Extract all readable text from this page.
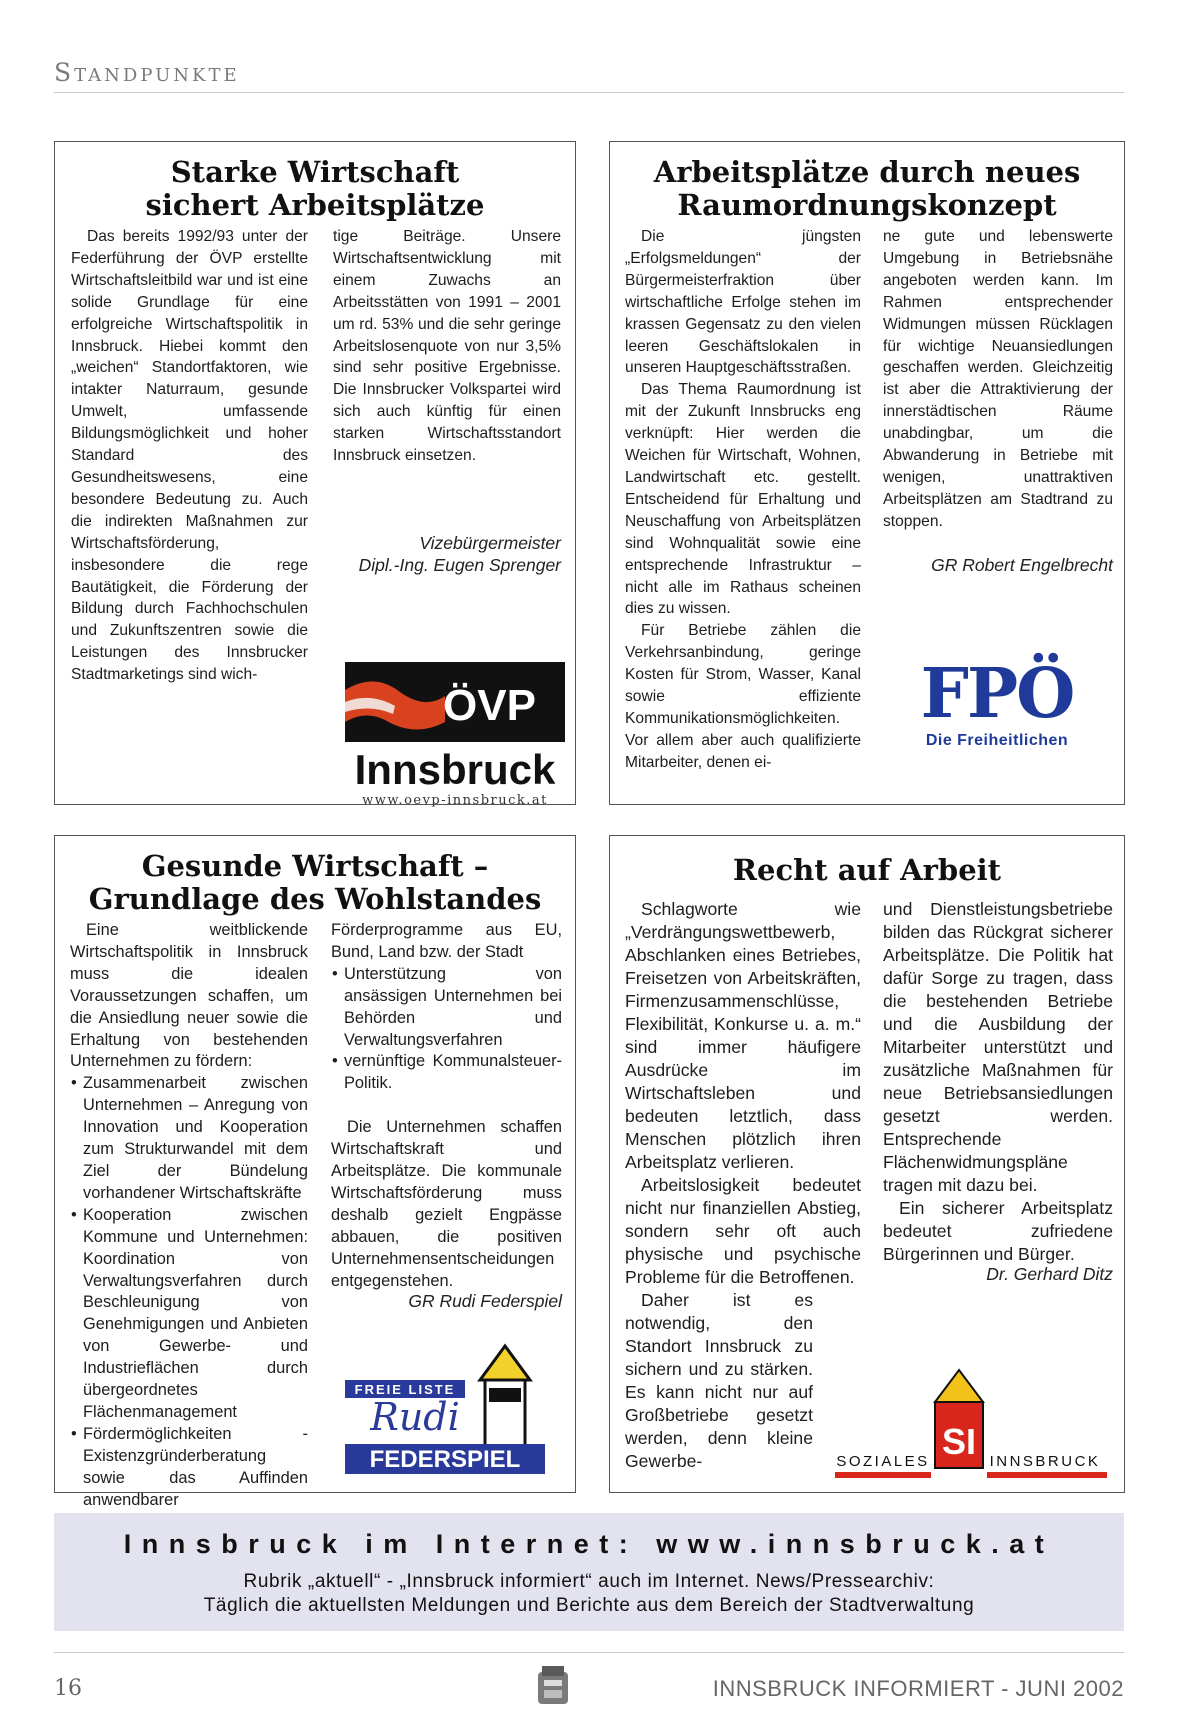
Standpunkte
Starke Wirtschaft
sichert Arbeitsplätze

Das bereits 1992/93 unter der Federführung der ÖVP erstellte Wirtschaftsleitbild war und ist eine solide Grundlage für eine erfolgreiche Wirtschaftspolitik in Innsbruck. Hiebei kommt den „weichen“ Standortfaktoren, wie intakter Naturraum, gesunde Umwelt, umfassende Bildungsmöglichkeit und hoher Standard des Gesundheitswesens, eine besondere Bedeutung zu. Auch die indirekten Maßnahmen zur Wirtschaftsförderung, insbesondere die rege Bautätigkeit, die Förderung der Bildung durch Fachhochschulen und Zukunftszentren sowie die Leistungen des Innsbrucker Stadtmarketings sind wich-

tige Beiträge. Unsere Wirtschaftsentwicklung mit einem Zuwachs an Arbeitsstätten von 1991 – 2001 um rd. 53% und die sehr geringe Arbeitslosenquote von nur 3,5% sind sehr positive Ergebnisse. Die Innsbrucker Volkspartei wird sich auch künftig für einen starken Wirtschaftsstandort Innsbruck einsetzen.

Vizebürgermeister
Dipl.-Ing. Eugen Sprenger
ÖVP
Innsbruck
www.oevp-innsbruck.at
Arbeitsplätze durch neues
Raumordnungskonzept

Die jüngsten „Erfolgsmeldungen“ der Bürgermeisterfraktion über wirtschaftliche Erfolge stehen im krassen Gegensatz zu den vielen leeren Geschäftslokalen in unseren Hauptgeschäftsstraßen.

Das Thema Raumordnung ist mit der Zukunft Innsbrucks eng verknüpft: Hier werden die Weichen für Wirtschaft, Wohnen, Landwirtschaft etc. gestellt. Entscheidend für Erhaltung und Neuschaffung von Arbeitsplätzen sind Wohnqualität sowie eine entsprechende Infrastruktur – nicht alle im Rathaus scheinen dies zu wissen.

Für Betriebe zählen die Verkehrsanbindung, geringe Kosten für Strom, Wasser, Kanal sowie effiziente Kommunikationsmöglichkeiten. Vor allem aber auch qualifizierte Mitarbeiter, denen ei-

ne gute und lebenswerte Umgebung in Betriebsnähe angeboten werden kann. Im Rahmen entsprechender Widmungen müssen Rücklagen für wichtige Neuansiedlungen geschaffen werden. Gleichzeitig ist aber die Attraktivierung der innerstädtischen Räume unabdingbar, um die Abwanderung in Betriebe mit wenigen, unattraktiven Arbeitsplätzen am Stadtrand zu stoppen.

GR Robert Engelbrecht
FPÖ
Die Freiheitlichen
Gesunde Wirtschaft –
Grundlage des Wohlstandes

Eine weitblickende Wirtschaftspolitik in Innsbruck muss die idealen Voraussetzungen schaffen, um die Ansiedlung neuer sowie die Erhaltung von bestehenden Unternehmen zu fördern:

• Zusammenarbeit zwischen Unternehmen – Anregung von Innovation und Kooperation zum Strukturwandel mit dem Ziel der Bündelung vorhandener Wirtschaftskräfte
• Kooperation zwischen Kommune und Unternehmen: Koordination von Verwaltungsverfahren durch Beschleunigung von Genehmigungen und Anbieten von Gewerbe- und Industrieflächen durch übergeordnetes Flächenmanagement
• Fördermöglichkeiten - Existenzgründerberatung sowie das Auffinden anwendbarer

Förderprogramme aus EU, Bund, Land bzw. der Stadt

• Unterstützung von ansässigen Unternehmen bei Behörden und Verwaltungsverfahren
• vernünftige Kommunalsteuer-Politik.

Die Unternehmen schaffen Wirtschaftskraft und Arbeitsplätze. Die kommunale Wirtschaftsförderung muss deshalb gezielt Engpässe abbauen, die positiven Unternehmensentscheidungen entgegenstehen.

GR Rudi Federspiel
FREIE LISTE
Rudi
FEDERSPIEL
Recht auf Arbeit

Schlagworte wie „Verdrängungswettbewerb, Abschlanken eines Betriebes, Freisetzen von Arbeitskräften, Firmenzusammenschlüsse, Flexibilität, Konkurse u. a. m.“ sind immer häufigere Ausdrücke im Wirtschaftsleben und bedeuten letztlich, dass Menschen plötzlich ihren Arbeitsplatz verlieren.

Arbeitslosigkeit bedeutet nicht nur finanziellen Abstieg, sondern sehr oft auch physische und psychische Probleme für die Betroffenen.

Daher ist es notwendig, den Standort Innsbruck zu sichern und zu stärken. Es kann nicht nur auf Großbetriebe gesetzt werden, denn kleine Gewerbe-

und Dienstleistungsbetriebe bilden das Rückgrat sicherer Arbeitsplätze. Die Politik hat dafür Sorge zu tragen, dass die bestehenden Betriebe und die Ausbildung der Mitarbeiter unterstützt und zusätzliche Maßnahmen für neue Betriebsansiedlungen gesetzt werden. Entsprechende Flächenwidmungspläne tragen mit dazu bei.

Ein sicherer Arbeitsplatz bedeutet zufriedene Bürgerinnen und Bürger.

Dr. Gerhard Ditz
SI
SOZIALES	INNSBRUCK
Innsbruck im Internet: www.innsbruck.at
Rubrik „aktuell“ - „Innsbruck informiert“ auch im Internet. News/Pressearchiv:
Täglich die aktuellsten Meldungen und Berichte aus dem Bereich der Stadtverwaltung
16	INNSBRUCK INFORMIERT - JUNI 2002
